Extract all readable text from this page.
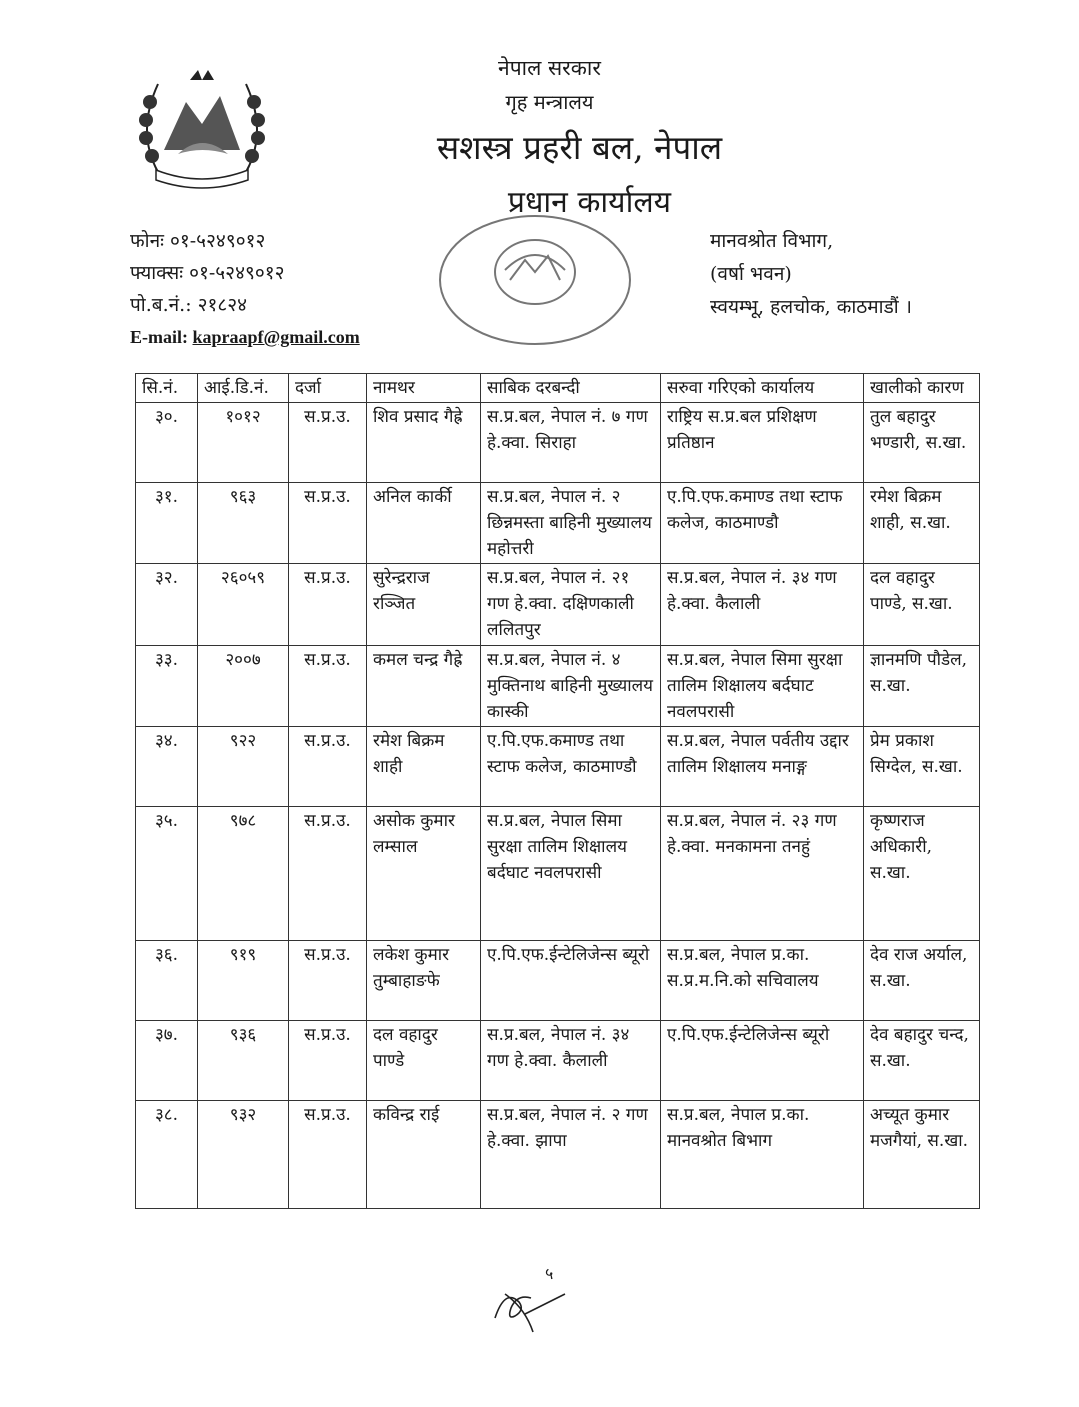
नेपाल सरकार
गृह मन्त्रालय
सशस्त्र प्रहरी बल, नेपाल
प्रधान कार्यालय
फोनः ०१-५२४९०१२
फ्याक्सः ०१-५२४९०१२
पो.ब.नं.: २१८२४
E-mail: kapraapf@gmail.com
मानवश्रोत विभाग,
(वर्षा भवन)
स्वयम्भू, हलचोक, काठमाडौं ।
सि.नं.	आई.डि.नं.	दर्जा	नामथर	साबिक दरबन्दी	सरुवा गरिएको कार्यालय	खालीको कारण
३०.	१०१२	स.प्र.उ.	शिव प्रसाद गैह्रे	स.प्र.बल, नेपाल नं. ७ गण हे.क्वा. सिराहा	राष्ट्रिय स.प्र.बल प्रशिक्षण प्रतिष्ठान	तुल बहादुर भण्डारी, स.खा.
३१.	९६३	स.प्र.उ.	अनिल कार्की	स.प्र.बल, नेपाल नं. २ छिन्नमस्ता बाहिनी मुख्यालय महोत्तरी	ए.पि.एफ.कमाण्ड तथा स्टाफ कलेज, काठमाण्डौ	रमेश बिक्रम शाही, स.खा.
३२.	२६०५९	स.प्र.उ.	सुरेन्द्रराज रञ्जित	स.प्र.बल, नेपाल नं. २१ गण हे.क्वा. दक्षिणकाली ललितपुर	स.प्र.बल, नेपाल नं. ३४ गण हे.क्वा. कैलाली	दल वहादुर पाण्डे, स.खा.
३३.	२००७	स.प्र.उ.	कमल चन्द्र गैह्रे	स.प्र.बल, नेपाल नं. ४ मुक्तिनाथ बाहिनी मुख्यालय कास्की	स.प्र.बल, नेपाल सिमा सुरक्षा तालिम शिक्षालय बर्दघाट नवलपरासी	ज्ञानमणि पौडेल, स.खा.
३४.	९२२	स.प्र.उ.	रमेश बिक्रम शाही	ए.पि.एफ.कमाण्ड तथा स्टाफ कलेज, काठमाण्डौ	स.प्र.बल, नेपाल पर्वतीय उद्दार तालिम शिक्षालय मनाङ्ग	प्रेम प्रकाश सिग्देल, स.खा.
३५.	९७८	स.प्र.उ.	असोक कुमार लम्साल	स.प्र.बल, नेपाल सिमा सुरक्षा तालिम शिक्षालय बर्दघाट नवलपरासी	स.प्र.बल, नेपाल नं. २३ गण हे.क्वा. मनकामना तनहुं	कृष्णराज अधिकारी, स.खा.
३६.	९१९	स.प्र.उ.	लकेश कुमार तुम्बाहाङफे	ए.पि.एफ.ईन्टेलिजेन्स ब्यूरो	स.प्र.बल, नेपाल प्र.का. स.प्र.म.नि.को सचिवालय	देव राज अर्याल, स.खा.
३७.	९३६	स.प्र.उ.	दल वहादुर पाण्डे	स.प्र.बल, नेपाल नं. ३४ गण हे.क्वा. कैलाली	ए.पि.एफ.ईन्टेलिजेन्स ब्यूरो	देव बहादुर चन्द, स.खा.
३८.	९३२	स.प्र.उ.	कविन्द्र राई	स.प्र.बल, नेपाल नं. २ गण हे.क्वा. झापा	स.प्र.बल, नेपाल प्र.का. मानवश्रोत बिभाग	अच्यूत कुमार मजगैयां, स.खा.
५
